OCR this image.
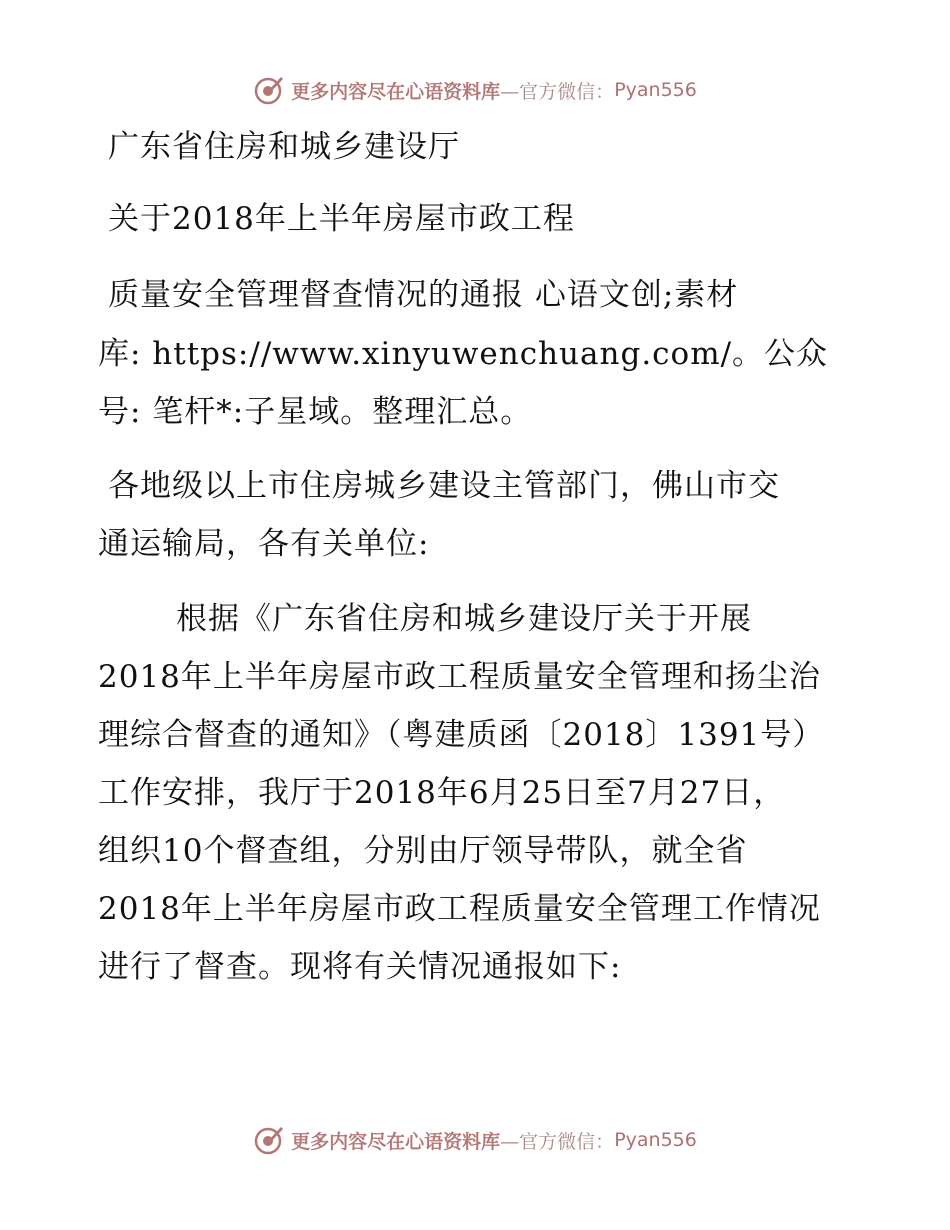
更多内容尽在心语资料库 —官方微信： Pyan556
广东省住房和城乡建设厅
关于2018年上半年房屋市政工程
质量安全管理督查情况的通报 心语文创;素材
库: https://www.xinyuwenchuang.com/。公众
号: 笔杆*:子星域。整理汇总。
各地级以上市住房城乡建设主管部门，佛山市交
通运输局，各有关单位:
根据《广东省住房和城乡建设厅关于开展
2018年上半年房屋市政工程质量安全管理和扬尘治
理综合督查的通知》（粤建质函〔2018〕1391号）
工作安排，我厅于2018年6月25日至7月27日，
组织10个督查组，分别由厅领导带队，就全省
2018年上半年房屋市政工程质量安全管理工作情况
进行了督查。现将有关情况通报如下:
更多内容尽在心语资料库 —官方微信： Pyan556
